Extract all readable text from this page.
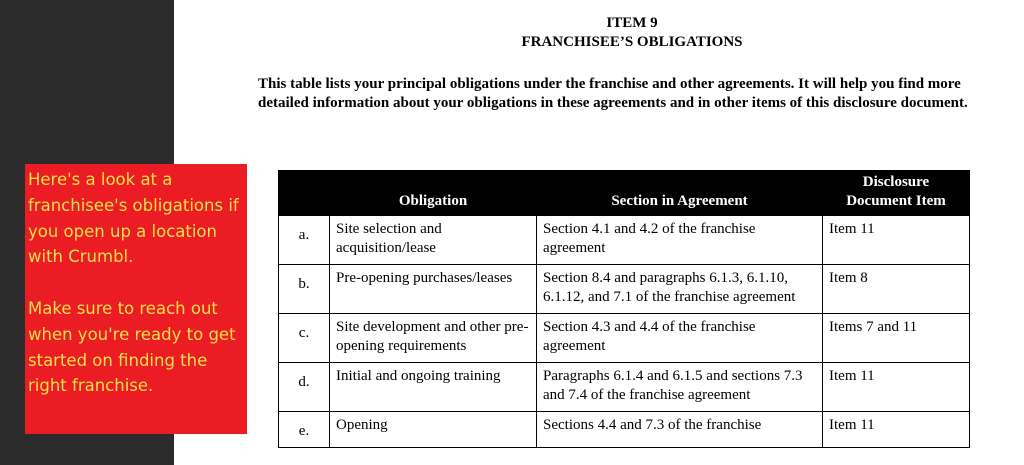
Here's a look at a franchisee's obligations if you open up a location with Crumbl.

Make sure to reach out when you're ready to get started on finding the right franchise.

ITEM 9
FRANCHISEE’S OBLIGATIONS

This table lists your principal obligations under the franchise and other agreements. It will help you find more detailed information about your obligations in these agreements and in other items of this disclosure document.

	Obligation	Section in Agreement	Disclosure
Document Item

a.	Site selection and acquisition/lease	Section 4.1 and 4.2 of the franchise agreement	Item 11
b.	Pre-opening purchases/leases	Section 8.4 and paragraphs 6.1.3, 6.1.10, 6.1.12, and 7.1 of the franchise agreement	Item 8
c.	Site development and other pre-opening requirements	Section 4.3 and 4.4 of the franchise agreement	Items 7 and 11
d.	Initial and ongoing training	Paragraphs 6.1.4 and 6.1.5 and sections 7.3 and 7.4 of the franchise agreement	Item 11
e.	Opening	Sections 4.4 and 7.3 of the franchise	Item 11
